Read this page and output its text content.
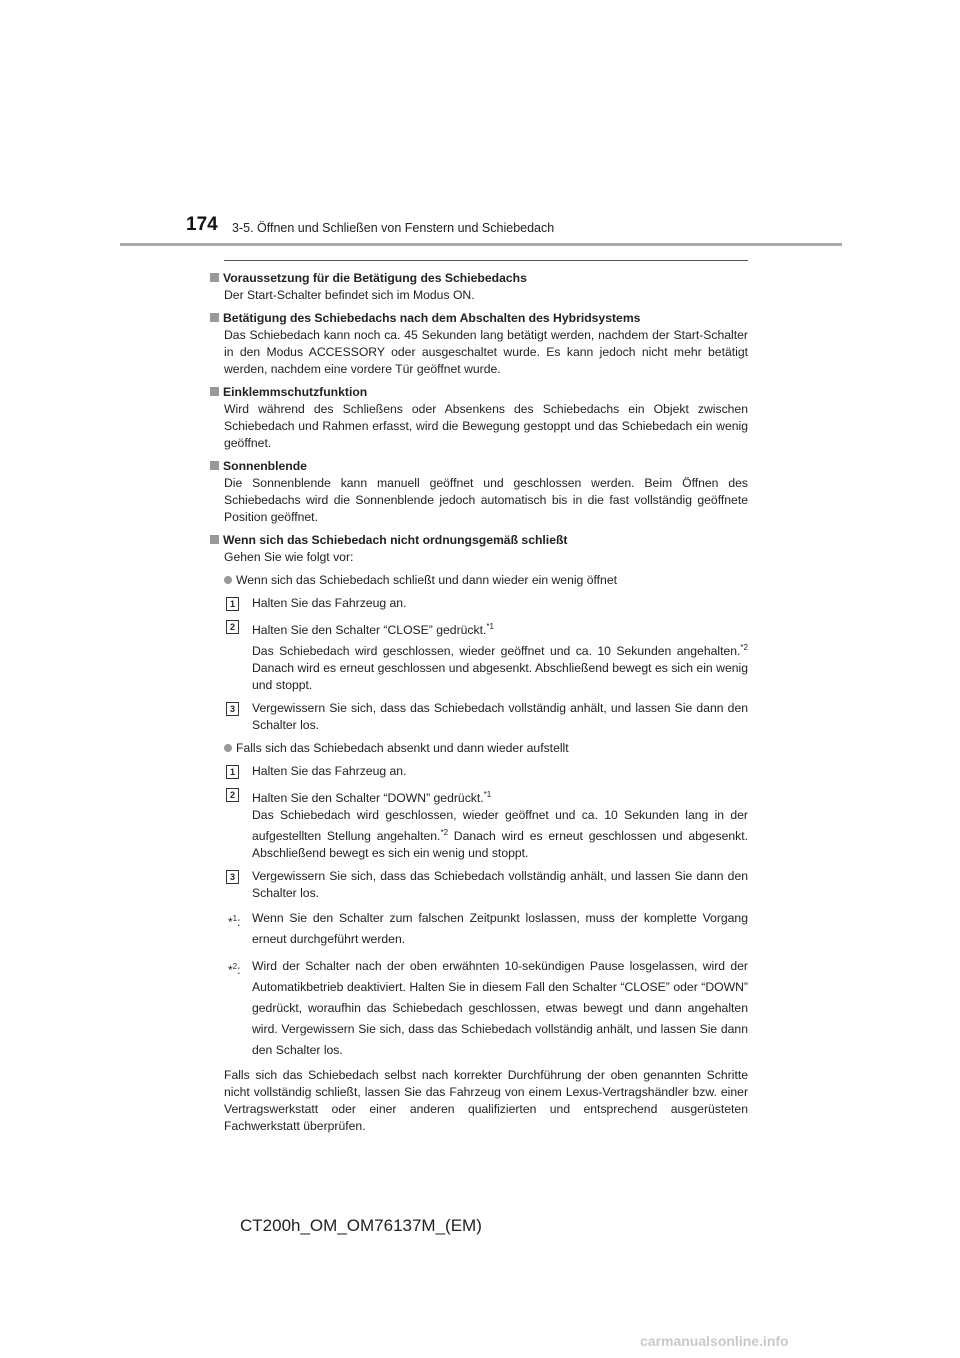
174 3-5. Öffnen und Schließen von Fenstern und Schiebedach
Voraussetzung für die Betätigung des Schiebedachs

Der Start-Schalter befindet sich im Modus ON.

Betätigung des Schiebedachs nach dem Abschalten des Hybridsystems

Das Schiebedach kann noch ca. 45 Sekunden lang betätigt werden, nachdem der Start-Schalter in den Modus ACCESSORY oder ausgeschaltet wurde. Es kann jedoch nicht mehr betätigt werden, nachdem eine vordere Tür geöffnet wurde.

Einklemmschutzfunktion

Wird während des Schließens oder Absenkens des Schiebedachs ein Objekt zwischen Schiebedach und Rahmen erfasst, wird die Bewegung gestoppt und das Schiebedach ein wenig geöffnet.

Sonnenblende

Die Sonnenblende kann manuell geöffnet und geschlossen werden. Beim Öffnen des Schiebedachs wird die Sonnenblende jedoch automatisch bis in die fast vollständig geöffnete Position geöffnet.

Wenn sich das Schiebedach nicht ordnungsgemäß schließt

Gehen Sie wie folgt vor:

Wenn sich das Schiebedach schließt und dann wieder ein wenig öffnet
1	Halten Sie das Fahrzeug an.
2	Halten Sie den Schalter “CLOSE” gedrückt.$^{*1}$
Das Schiebedach wird geschlossen, wieder geöffnet und ca. 10 Sekunden angehalten.$^{*2}$ Danach wird es erneut geschlossen und abgesenkt. Abschließend bewegt es sich ein wenig und stoppt.
3	Vergewissern Sie sich, dass das Schiebedach vollständig anhält, und lassen Sie dann den Schalter los.
Falls sich das Schiebedach absenkt und dann wieder aufstellt
1	Halten Sie das Fahrzeug an.
2	Halten Sie den Schalter “DOWN” gedrückt.$^{*1}$
Das Schiebedach wird geschlossen, wieder geöffnet und ca. 10 Sekunden lang in der aufgestellten Stellung angehalten.$^{*2}$ Danach wird es erneut geschlossen und abgesenkt. Abschließend bewegt es sich ein wenig und stoppt.
3	Vergewissern Sie sich, dass das Schiebedach vollständig anhält, und lassen Sie dann den Schalter los.
*$^1$: Wenn Sie den Schalter zum falschen Zeitpunkt loslassen, muss der komplette Vorgang erneut durchgeführt werden.
*$^2$: Wird der Schalter nach der oben erwähnten 10-sekündigen Pause losgelassen, wird der Automatikbetrieb deaktiviert. Halten Sie in diesem Fall den Schalter “CLOSE” oder “DOWN” gedrückt, woraufhin das Schiebedach geschlossen, etwas bewegt und dann angehalten wird. Vergewissern Sie sich, dass das Schiebedach vollständig anhält, und lassen Sie dann den Schalter los.

Falls sich das Schiebedach selbst nach korrekter Durchführung der oben genannten Schritte nicht vollständig schließt, lassen Sie das Fahrzeug von einem Lexus-Vertragshändler bzw. einer Vertragswerkstatt oder einer anderen qualifizierten und entsprechend ausgerüsteten Fachwerkstatt überprüfen.

CT200h_OM_OM76137M_(EM)
carmanualsonline.info
